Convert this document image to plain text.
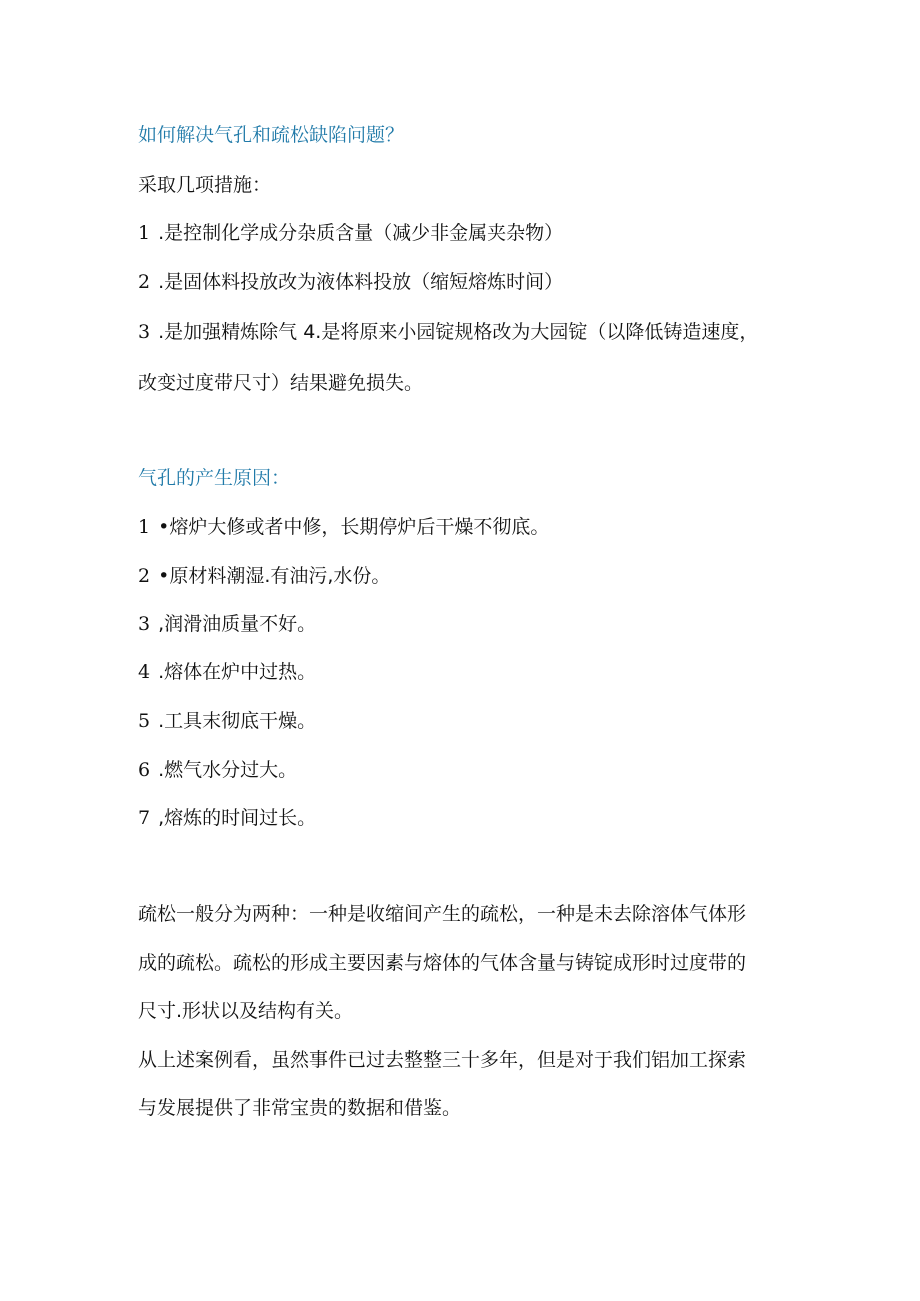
如何解决气孔和疏松缺陷问题？
采取几项措施：
1 .是控制化学成分杂质含量（减少非金属夹杂物）
2 .是固体料投放改为液体料投放（缩短熔炼时间）
3 .是加强精炼除气 4.是将原来小园锭规格改为大园锭（以降低铸造速度，
改变过度带尺寸）结果避免损失。
气孔的产生原因：
1 •熔炉大修或者中修，长期停炉后干燥不彻底。
2 •原材料潮湿.有油污,水份。
3 ,润滑油质量不好。
4 .熔体在炉中过热。
5 .工具末彻底干燥。
6 .燃气水分过大。
7 ,熔炼的时间过长。
疏松一般分为两种：一种是收缩间产生的疏松，一种是未去除溶体气体形
成的疏松。疏松的形成主要因素与熔体的气体含量与铸锭成形时过度带的
尺寸.形状以及结构有关。
从上述案例看，虽然事件已过去整整三十多年，但是对于我们铝加工探索
与发展提供了非常宝贵的数据和借鉴。
